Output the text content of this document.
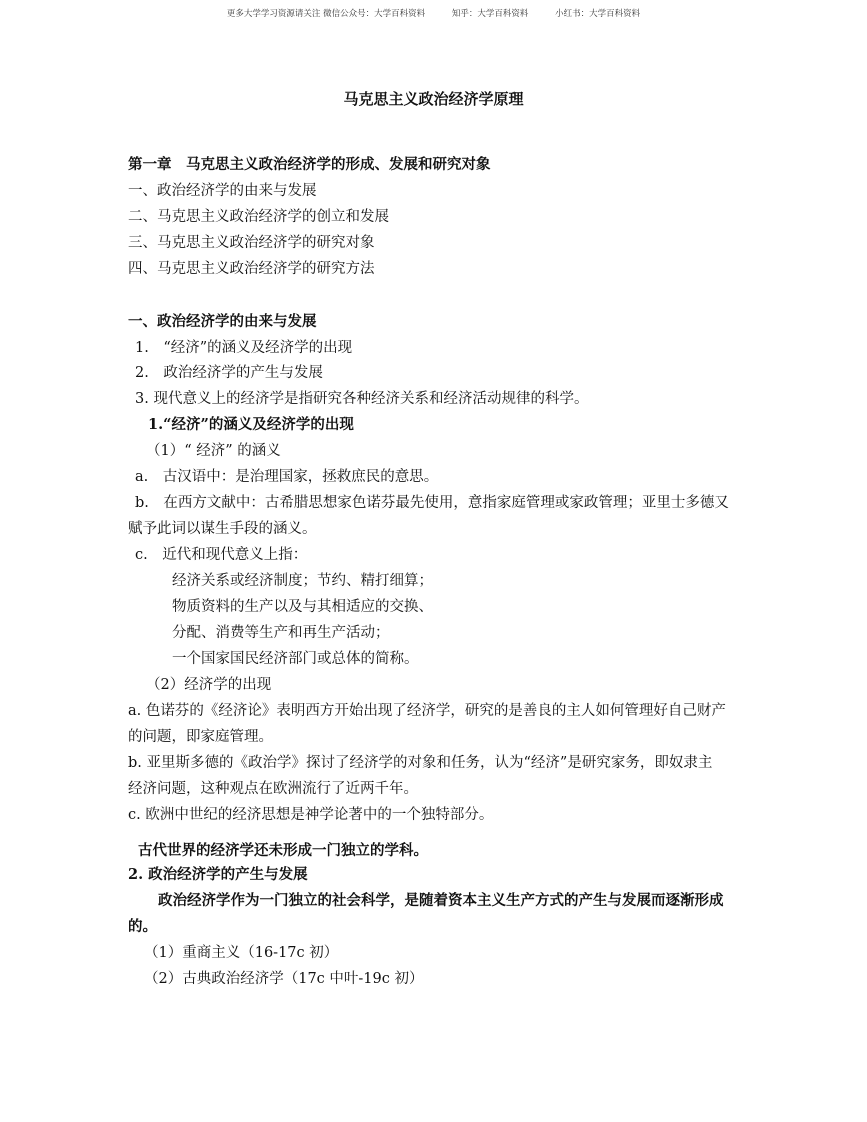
更多大学学习资源请关注 微信公众号：大学百科资料	知乎：大学百科资料	小红书：大学百科资料
马克思主义政治经济学原理
第一章　马克思主义政治经济学的形成、发展和研究对象
一、政治经济学的由来与发展
二、马克思主义政治经济学的创立和发展
三、马克思主义政治经济学的研究对象
四、马克思主义政治经济学的研究方法
一、政治经济学的由来与发展
1.　“经济”的涵义及经济学的出现
2.　政治经济学的产生与发展
3. 现代意义上的经济学是指研究各种经济关系和经济活动规律的科学。
1.“经济”的涵义及经济学的出现
（1）“ 经济” 的涵义
a.　古汉语中：是治理国家，拯救庶民的意思。
b.　在西方文献中：古希腊思想家色诺芬最先使用，意指家庭管理或家政管理；亚里士多德又
赋予此词以谋生手段的涵义。
c.　近代和现代意义上指：
经济关系或经济制度；节约、精打细算；
物质资料的生产以及与其相适应的交换、
分配、消费等生产和再生产活动；
一个国家国民经济部门或总体的简称。
（2）经济学的出现
a. 色诺芬的《经济论》表明西方开始出现了经济学，研究的是善良的主人如何管理好自己财产
的问题，即家庭管理。
b. 亚里斯多德的《政治学》探讨了经济学的对象和任务，认为“经济”是研究家务，即奴隶主
经济问题，这种观点在欧洲流行了近两千年。
c. 欧洲中世纪的经济思想是神学论著中的一个独特部分。
古代世界的经济学还未形成一门独立的学科。
2. 政治经济学的产生与发展
政治经济学作为一门独立的社会科学，是随着资本主义生产方式的产生与发展而逐渐形成
的。
（1）重商主义（16-17c 初）
（2）古典政治经济学（17c 中叶-19c 初）
